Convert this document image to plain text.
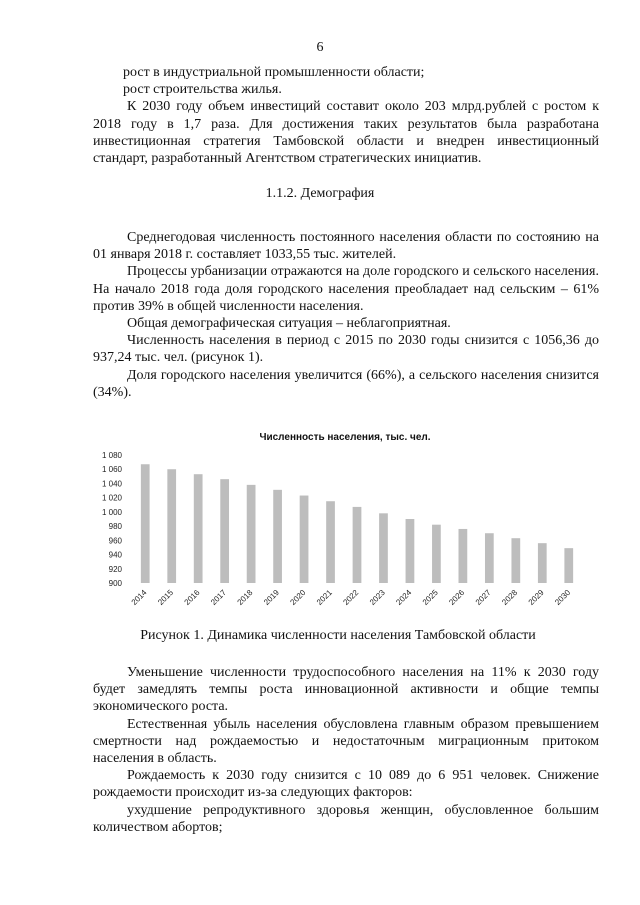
6
рост в индустриальной промышленности области;
рост строительства жилья.
К 2030 году объем инвестиций составит около 203 млрд.рублей с ростом к 2018 году в 1,7 раза. Для достижения таких результатов была разработана инвестиционная стратегия Тамбовской области и внедрен инвестиционный стандарт, разработанный Агентством стратегических инициатив.
1.1.2. Демография
Среднегодовая численность постоянного населения области по состоянию на 01 января 2018 г. составляет 1033,55 тыс. жителей.
Процессы урбанизации отражаются на доле городского и сельского населения. На начало 2018 года доля городского населения преобладает над сельским – 61% против 39% в общей численности населения.
Общая демографическая ситуация – неблагоприятная.
Численность населения в период с 2015 по 2030 годы снизится с 1056,36 до 937,24 тыс. чел. (рисунок 1).
Доля городского населения увеличится (66%), а сельского населения снизится (34%).
Численность населения, тыс. чел.
1 080
1 060
1 040
1 020
1 000
980
960
940
920
900
2014 2015 2016 2017 2018 2019 2020 2021 2022 2023 2024 2025 2026 2027 2028 2029 2030
Рисунок 1. Динамика численности населения Тамбовской области
Уменьшение численности трудоспособного населения на 11% к 2030 году будет замедлять темпы роста инновационной активности и общие темпы экономического роста.
Естественная убыль населения обусловлена главным образом превышением смертности над рождаемостью и недостаточным миграционным притоком населения в область.
Рождаемость к 2030 году снизится с 10 089 до 6 951 человек. Снижение рождаемости происходит из-за следующих факторов:
ухудшение репродуктивного здоровья женщин, обусловленное большим количеством абортов;
